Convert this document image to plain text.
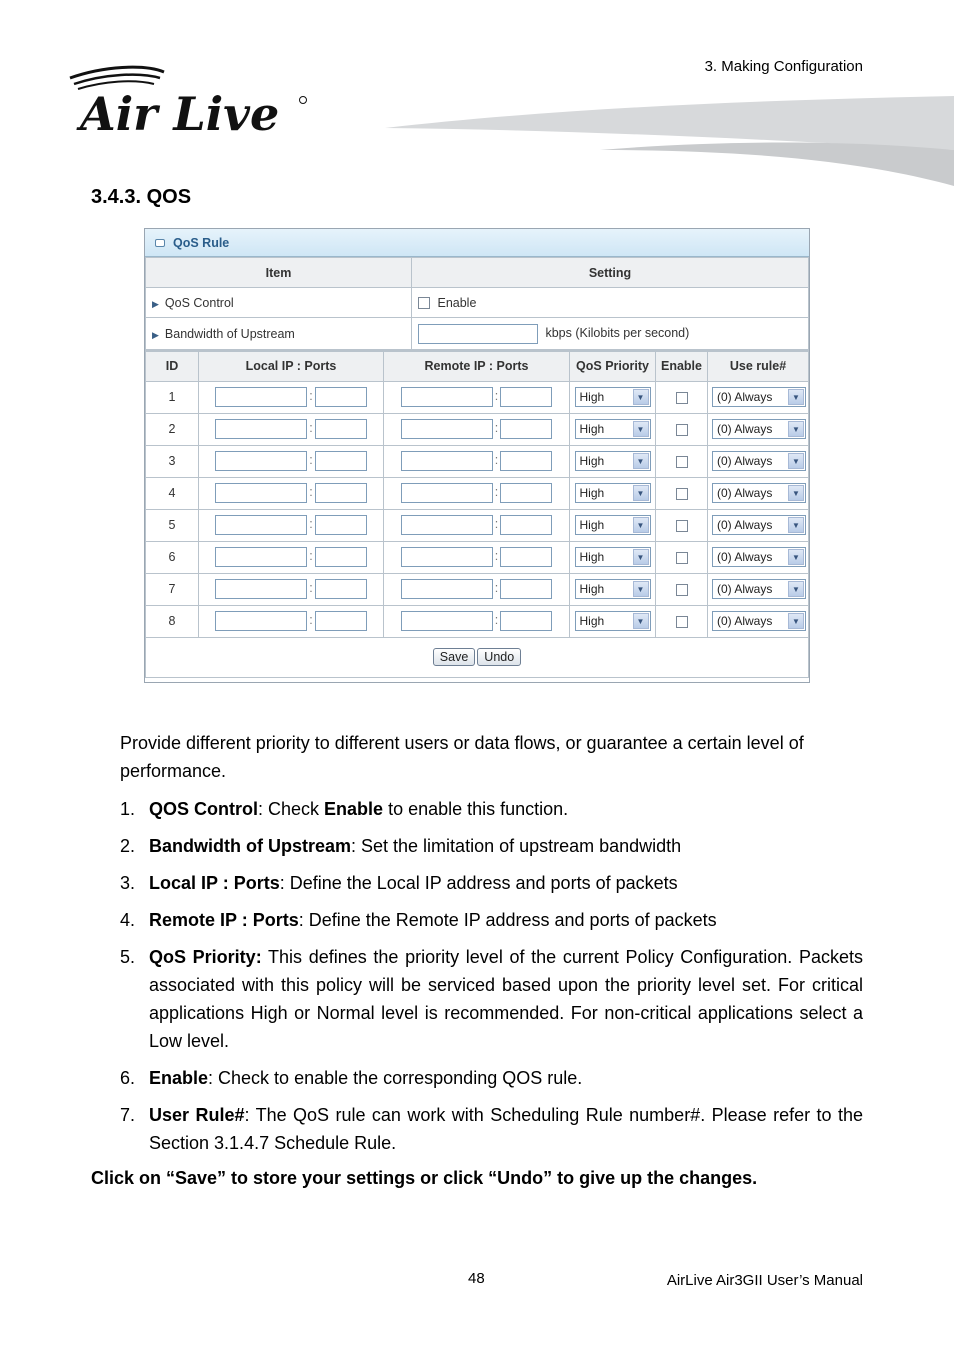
3. Making Configuration
Air Live
3.4.3. QOS
QoS Rule
Item	Setting
▶ QoS Control	Enable
▶ Bandwidth of Upstream	kbps (Kilobits per second)
ID	Local IP : Ports	Remote IP : Ports	QoS Priority	Enable	Use rule#
1	:	:	High ▼		(0) Always ▼

2	:	:	High ▼		(0) Always ▼

3	:	:	High ▼		(0) Always ▼

4	:	:	High ▼		(0) Always ▼

5	:	:	High ▼		(0) Always ▼

6	:	:	High ▼		(0) Always ▼

7	:	:	High ▼		(0) Always ▼

8	:	:	High ▼		(0) Always ▼

Save Undo					
Provide different priority to different users or data flows, or guarantee a certain level of performance.
1. QOS Control: Check Enable to enable this function.
2. Bandwidth of Upstream: Set the limitation of upstream bandwidth
3. Local IP : Ports: Define the Local IP address and ports of packets
4. Remote IP : Ports: Define the Remote IP address and ports of packets
5. QoS Priority: This defines the priority level of the current Policy Configuration. Packets associated with this policy will be serviced based upon the priority level set. For critical applications High or Normal level is recommended. For non-critical applications select a Low level.
6. Enable: Check to enable the corresponding QOS rule.
7. User Rule#: The QoS rule can work with Scheduling Rule number#. Please refer to the Section 3.1.4.7 Schedule Rule.
Click on “Save” to store your settings or click “Undo” to give up the changes.
48	AirLive Air3GII User’s Manual
